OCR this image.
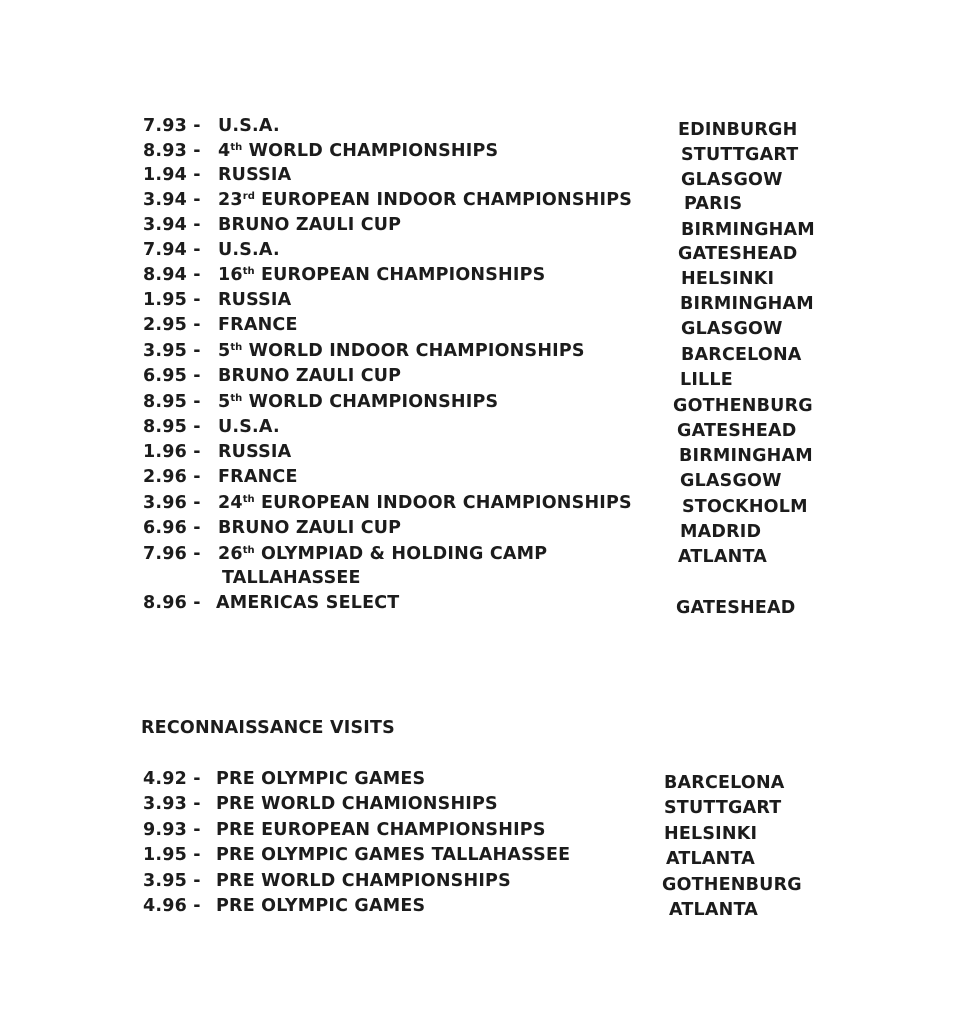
7.93 - U.S.A.	EDINBURGH
8.93 - 4th WORLD CHAMPIONSHIPS	STUTTGART
1.94 - RUSSIA	GLASGOW
3.94 - 23rd EUROPEAN INDOOR CHAMPIONSHIPS	PARIS
3.94 - BRUNO ZAULI CUP	BIRMINGHAM
7.94 - U.S.A.	GATESHEAD
8.94 - 16th EUROPEAN CHAMPIONSHIPS	HELSINKI
1.95 - RUSSIA	BIRMINGHAM
2.95 - FRANCE	GLASGOW
3.95 - 5th WORLD INDOOR CHAMPIONSHIPS	BARCELONA
6.95 - BRUNO ZAULI CUP	LILLE
8.95 - 5th WORLD CHAMPIONSHIPS	GOTHENBURG
8.95 - U.S.A.	GATESHEAD
1.96 - RUSSIA	BIRMINGHAM
2.96 - FRANCE	GLASGOW
3.96 - 24th EUROPEAN INDOOR CHAMPIONSHIPS	STOCKHOLM
6.96 - BRUNO ZAULI CUP	MADRID
7.96 - 26th OLYMPIAD & HOLDING CAMP	ATLANTA
TALLAHASSEE
8.96 - AMERICAS SELECT	GATESHEAD
RECONNAISSANCE VISITS
4.92 - PRE OLYMPIC GAMES	BARCELONA
3.93 - PRE WORLD CHAMIONSHIPS	STUTTGART
9.93 - PRE EUROPEAN CHAMPIONSHIPS	HELSINKI
1.95 - PRE OLYMPIC GAMES TALLAHASSEE	ATLANTA
3.95 - PRE WORLD CHAMPIONSHIPS	GOTHENBURG
4.96 - PRE OLYMPIC GAMES	ATLANTA
